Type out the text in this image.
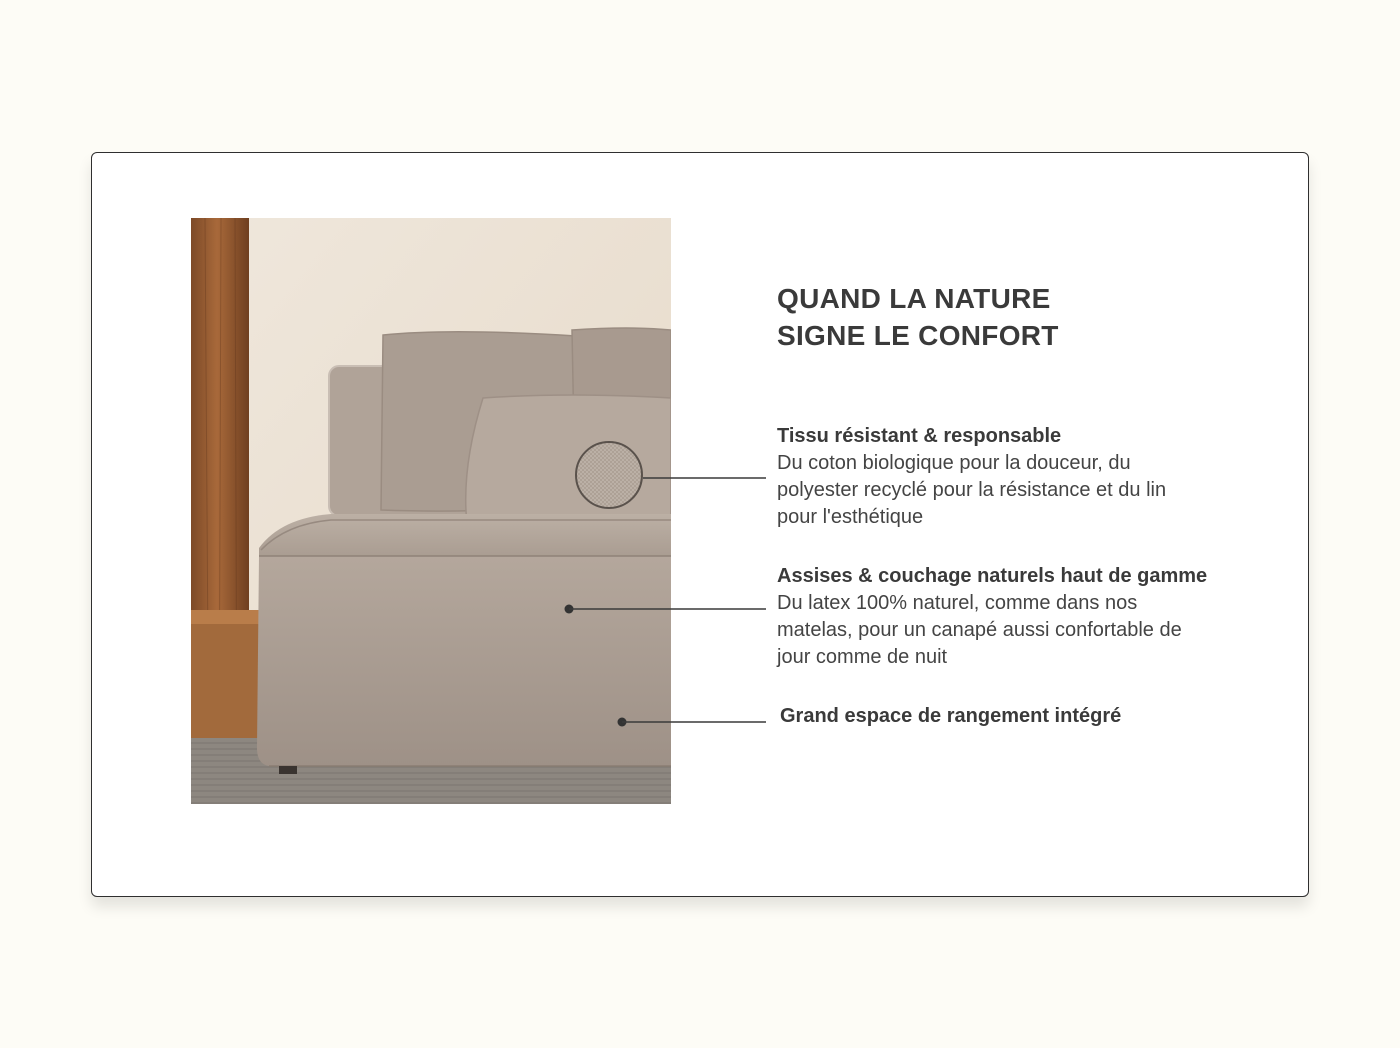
QUAND LA NATURE
SIGNE LE CONFORT
Tissu résistant & responsable
Du coton biologique pour la douceur, du
polyester recyclé pour la résistance et du lin
pour l'esthétique
Assises & couchage naturels haut de gamme
Du latex 100% naturel, comme dans nos
matelas, pour un canapé aussi confortable de
jour comme de nuit
Grand espace de rangement intégré
